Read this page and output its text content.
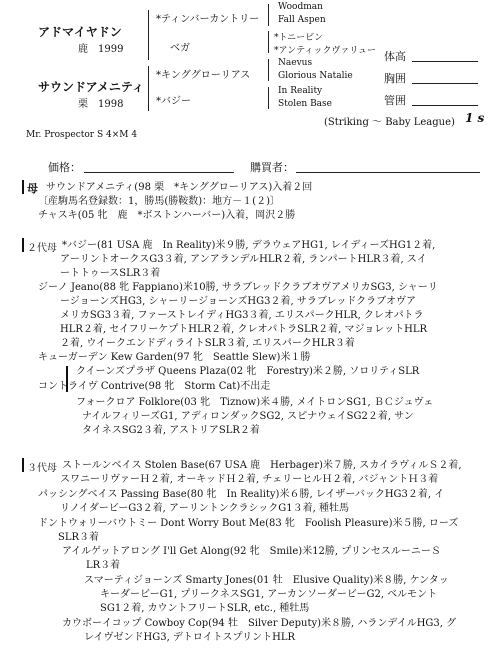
アドマイヤドン
鹿　1999
サウンドアメニティ
栗　1998
*ティンバーカントリー
ベガ
*キンググローリアス
*バジー
Woodman
Fall Aspen
*トニービン
*アンティックヴァリュー
Naevus
Glorious Natalie
In Reality
Stolen Base
体高
胸囲
管囲
(Striking ～ Baby League) 1 s
Mr. Prospector S 4×M 4
価格：	購買者：
母 サウンドアメニティ(98 栗　*キンググローリアス)入着２回
〔産駒馬名登録数：1，勝馬(勝鞍数)：地方－１(２)〕
チャスキ(05 牝　鹿　*ボストンハーバー)入着，岡沢２勝
２代母 *バジー(81 USA 鹿　In Reality)米９勝, デラウェアHG1, レイディーズHG1２着,
アーリントオークスG3３着, アンアランデルHLR２着, ランパートHLR３着, スイ
ートトゥースSLR３着
ジーノ Jeano(88 牝 Fappiano)米10勝, サラブレッドクラブオヴアメリカSG3, シャーリ
ージョーンズHG3, シャーリージョーンズHG3２着, サラブレッドクラブオヴア
メリカSG3３着, ファーストレイディHG3３着, エリスパークHLR, クレオパトラ
HLR２着, セイフリーケプトHLR２着, クレオパトラSLR２着, マジョレットHLR
２着, ウイークエンドディライトSLR３着, エリスパークHLR３着
キューガーデン Kew Garden(97 牝　Seattle Slew)米１勝
クイーンズプラザ Queens Plaza(02 牝　Forestry)米２勝, ソロリティSLR
コントライヴ Contrive(98 牝　Storm Cat)不出走
フォークロア Folklore(03 牝　Tiznow)米４勝, メイトロンSG1, ＢＣジュヴェ
ナイルフィリーズG1, アディロンダックSG2, スピナウェイSG2２着, サン
タイネスSG2３着, アストリアSLR２着
３代母 ストールンベイス Stolen Base(67 USA 鹿　Herbager)米７勝, スカイラヴィルＳ２着,
スワニーリヴァーＨ２着, オーキッドＨ２着, チェリーヒルＨ２着, バジャントＨ３着
パッシングベイス Passing Base(80 牝　In Reality)米６勝, レイザーバックHG3２着, イ
リノイダービーG3２着, アーリントンクラシックG1３着, 種牡馬
ドントウォリーバウトミー Dont Worry Bout Me(83 牝　Foolish Pleasure)米５勝, ローズ
SLR３着
アイルゲットアロング I'll Get Along(92 牝　Smile)米12勝, プリンセスルーニーＳ
LR３着
スマーティジョーンズ Smarty Jones(01 牡　Elusive Quality)米８勝, ケンタッ
キーダービーG1, プリークネスSG1, アーカンソーダービーG2, ベルモント
SG1２着, カウントフリートSLR, etc., 種牡馬
カウボーイコップ Cowboy Cop(94 牡　Silver Deputy)米８勝, ハランデイルHG3, グ
レイヴゼンドHG3, デトロイトスプリントHLR
